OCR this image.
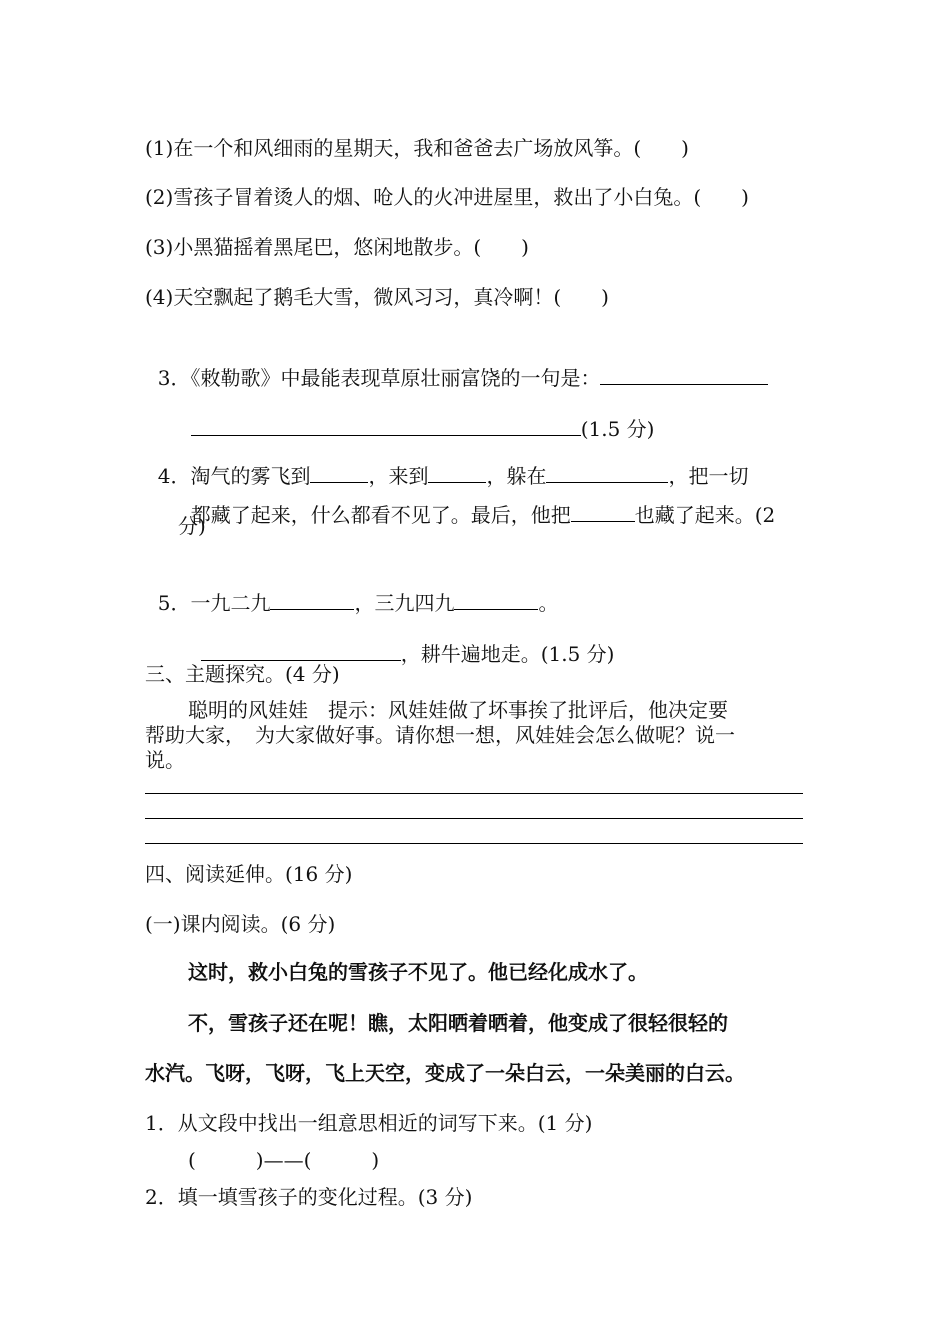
(1)在一个和风细雨的星期天，我和爸爸去广场放风筝。(　　)
(2)雪孩子冒着烫人的烟、呛人的火冲进屋里，救出了小白兔。(　　)
(3)小黑猫摇着黑尾巴，悠闲地散步。(　　)
(4)天空飘起了鹅毛大雪，微风习习，真冷啊！(　　)

3．《敕勒歌》中最能表现草原壮丽富饶的一句是：

(1.5 分)

4．淘气的雾飞到	，来到	，躲在	，把一切

都藏了起来，什么都看不见了。最后，他把	也藏了起来。(2

分)

5．一九二九	，三九四九	。

，耕牛遍地走。(1.5 分)

三、主题探究。(4 分)
聪明的风娃娃　提示：风娃娃做了坏事挨了批评后，他决定要
帮助大家，　为大家做好事。请你想一想，风娃娃会怎么做呢？说一
说。
四、阅读延伸。(16 分)
(一)课内阅读。(6 分)
这时，救小白兔的雪孩子不见了。他已经化成水了。
不，雪孩子还在呢！瞧，太阳晒着晒着，他变成了很轻很轻的
水汽。飞呀，飞呀，飞上天空，变成了一朵白云，一朵美丽的白云。
1．从文段中找出一组意思相近的词写下来。(1 分)
(　　　)——(　　　)
2．填一填雪孩子的变化过程。(3 分)
